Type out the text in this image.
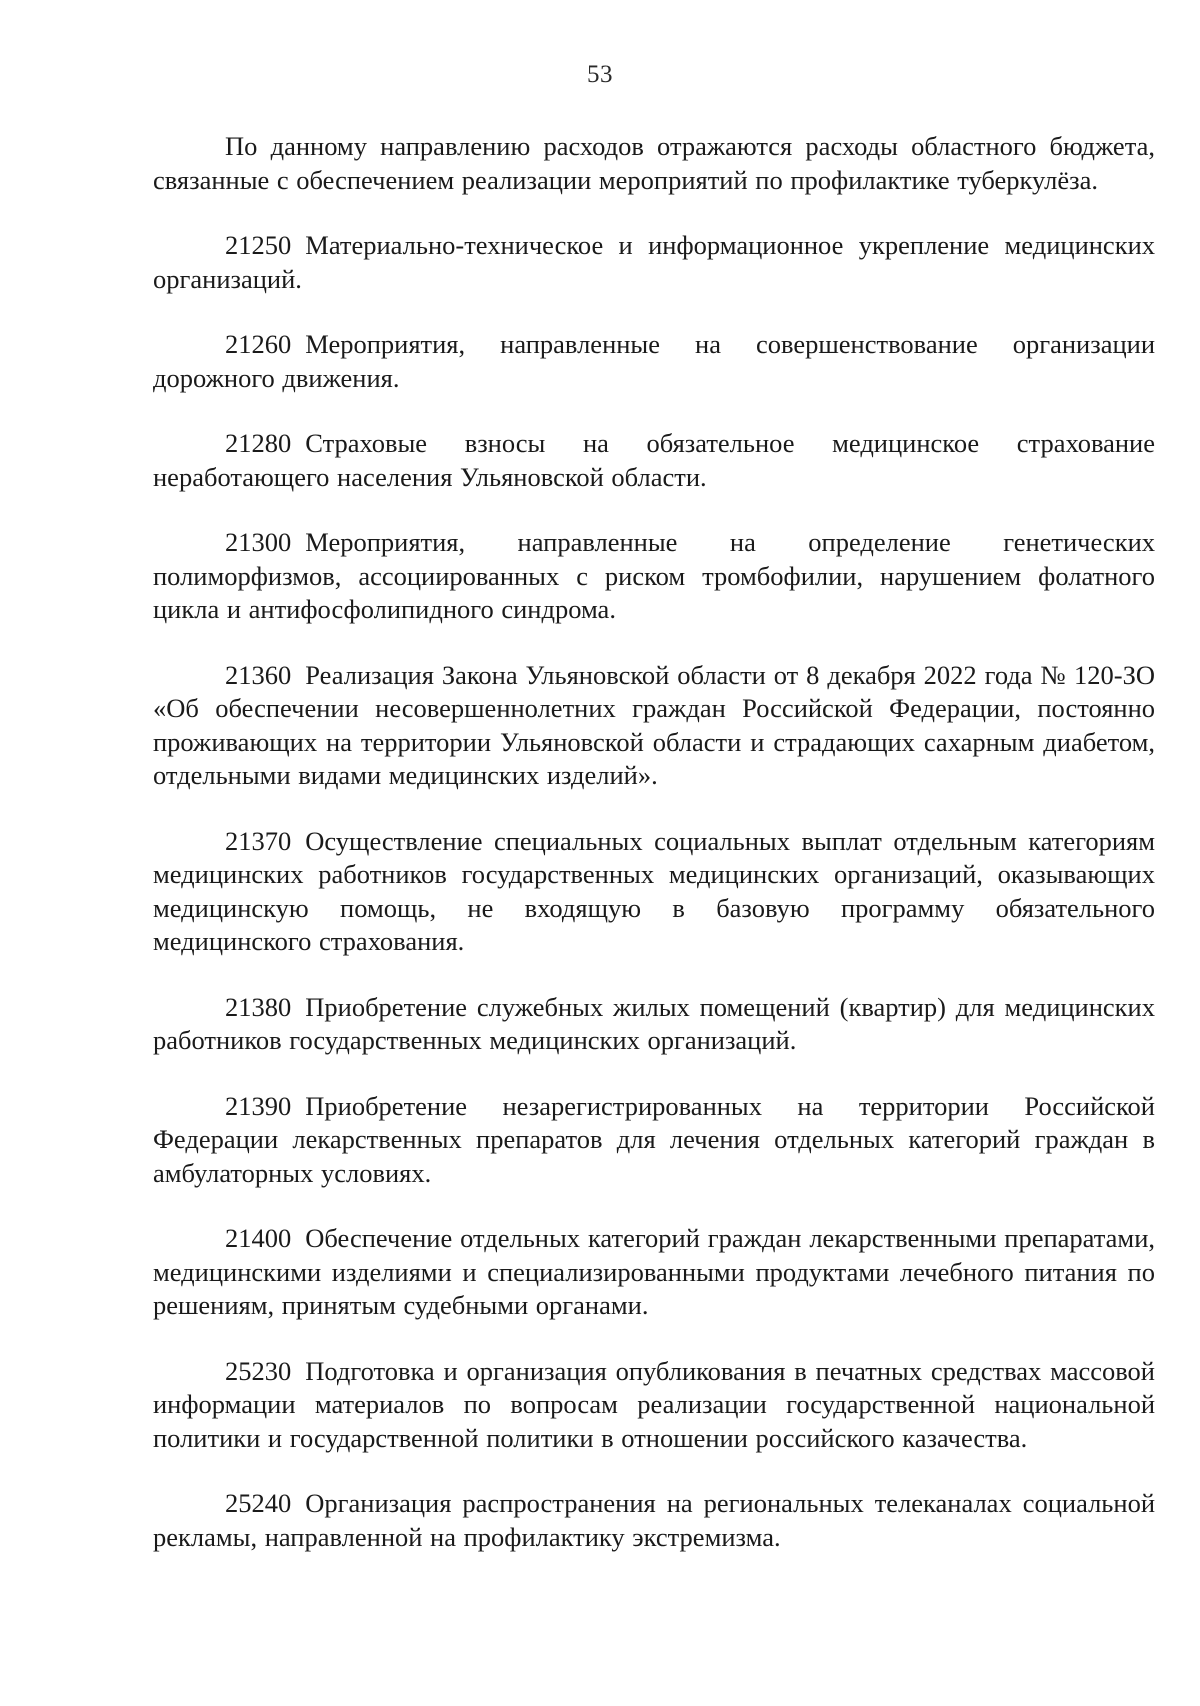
53

По данному направлению расходов отражаются расходы областного бюджета, связанные с обеспечением реализации мероприятий по профилактике туберкулёза.

21250 Материально-техническое и информационное укрепление медицинских организаций.

21260 Мероприятия, направленные на совершенствование организации дорожного движения.

21280 Страховые взносы на обязательное медицинское страхование неработающего населения Ульяновской области.

21300 Мероприятия, направленные на определение генетических полиморфизмов, ассоциированных с риском тромбофилии, нарушением фолатного цикла и антифосфолипидного синдрома.

21360 Реализация Закона Ульяновской области от 8 декабря 2022 года № 120-ЗО «Об обеспечении несовершеннолетних граждан Российской Федерации, постоянно проживающих на территории Ульяновской области и страдающих сахарным диабетом, отдельными видами медицинских изделий».

21370 Осуществление специальных социальных выплат отдельным категориям медицинских работников государственных медицинских организаций, оказывающих медицинскую помощь, не входящую в базовую программу обязательного медицинского страхования.

21380 Приобретение служебных жилых помещений (квартир) для медицинских работников государственных медицинских организаций.

21390 Приобретение незарегистрированных на территории Российской Федерации лекарственных препаратов для лечения отдельных категорий граждан в амбулаторных условиях.

21400 Обеспечение отдельных категорий граждан лекарственными препаратами, медицинскими изделиями и специализированными продуктами лечебного питания по решениям, принятым судебными органами.

25230 Подготовка и организация опубликования в печатных средствах массовой информации материалов по вопросам реализации государственной национальной политики и государственной политики в отношении российского казачества.

25240 Организация распространения на региональных телеканалах социальной рекламы, направленной на профилактику экстремизма.
